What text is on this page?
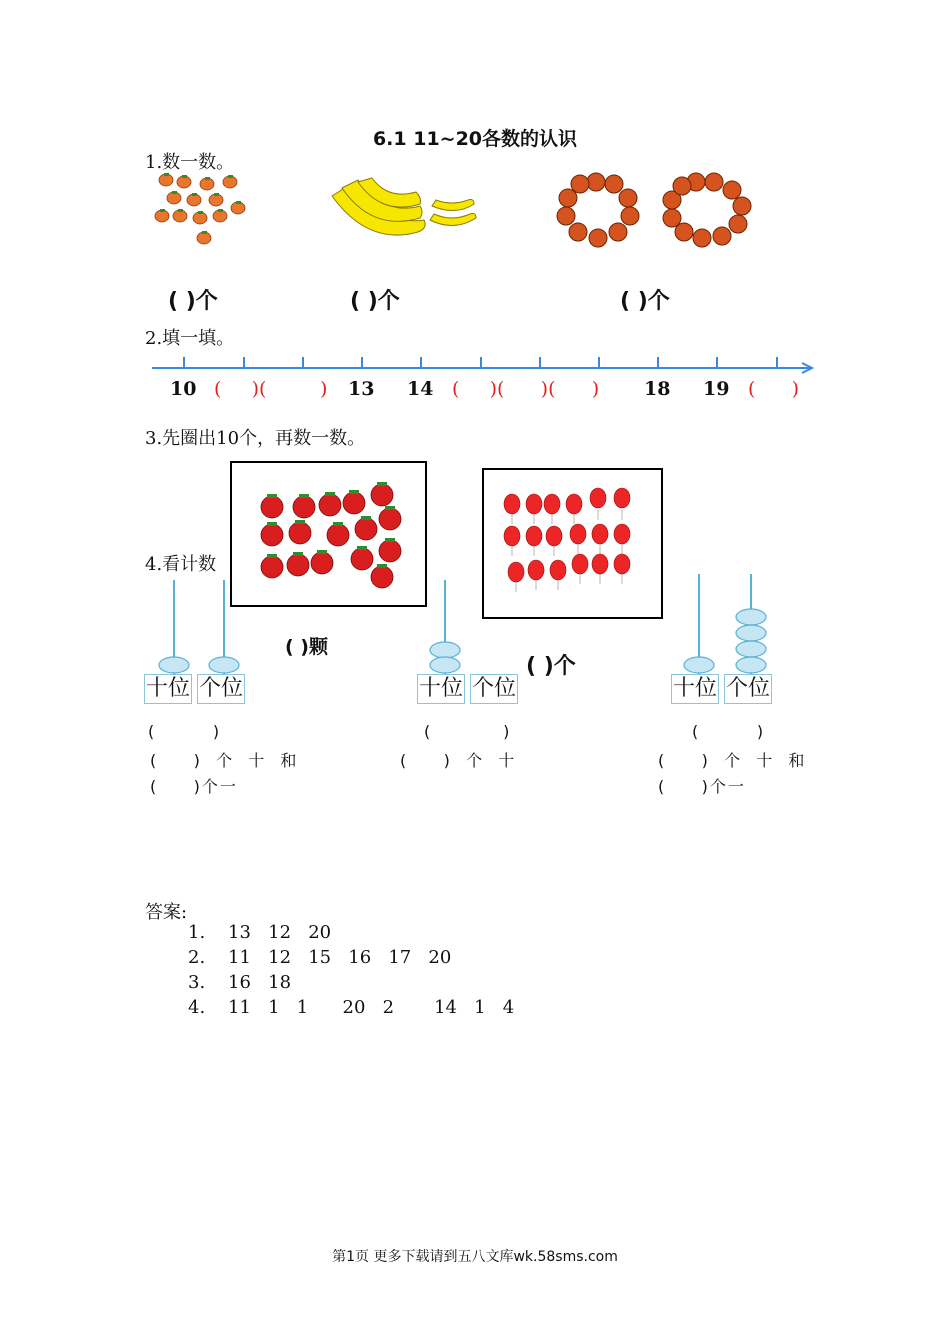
6.1 11~20各数的认识
1.数一数。
( )个	( )个	( )个
2.填一填。
10 (     )(	) 13 14 (     )(      )(      ) 18 19 (      )
3.先圈出10个，再数一数。
4.看计数
( )颗
( )个
十位 个位	十位 个位	十位 个位
(        )
(     )  个  十  和
(     )个一
(          )
(     )  个  十
(        )
(     )  个  十  和
(     )个一
答案:
1.    13   12   20
2.    11   12   15   16   17   20
3.    16   18
4.    11   1   1      20   2       14   1   4
第1页 更多下载请到五八文库wk.58sms.com
